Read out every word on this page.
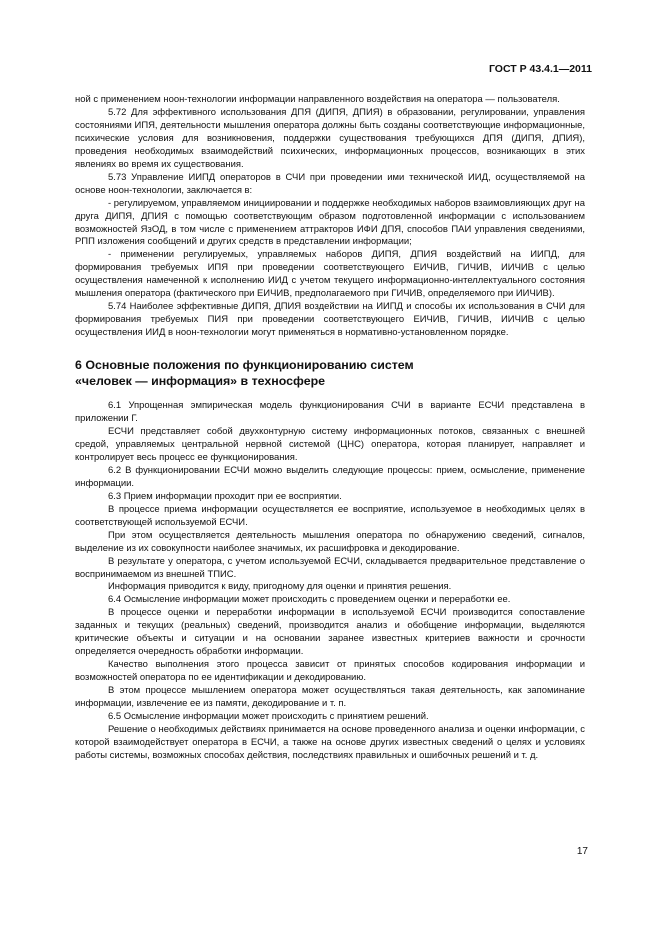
ГОСТ Р 43.4.1—2011

ной с применением ноон-технологии информации направленного воздействия на оператора — пользователя.

5.72 Для эффективного использования ДПЯ (ДИПЯ, ДПИЯ) в образовании, регулировании, управления состояниями ИПЯ, деятельности мышления оператора должны быть созданы соответствующие информационные, психические условия для возникновения, поддержки существования требующихся ДПЯ (ДИПЯ, ДПИЯ), проведения необходимых взаимодействий психических, информационных процессов, возникающих в этих явлениях во время их существования.

5.73 Управление ИИПД операторов в СЧИ при проведении ими технической ИИД, осуществляемой на основе ноон-технологии, заключается в:

- регулируемом, управляемом инициировании и поддержке необходимых наборов взаимовлияющих друг на друга ДИПЯ, ДПИЯ с помощью соответствующим образом подготовленной информации с использованием возможностей ЯзОД, в том числе с применением аттракторов ИФИ ДПЯ, способов ПАИ управления сведениями, РПП изложения сообщений и других средств в представлении информации;

- применении регулируемых, управляемых наборов ДИПЯ, ДПИЯ воздействий на ИИПД, для формирования требуемых ИПЯ при проведении соответствующего ЕИЧИВ, ГИЧИВ, ИИЧИВ с целью осуществления намеченной к исполнению ИИД с учетом текущего информационно-интеллектуального состояния мышления оператора (фактического при ЕИЧИВ, предполагаемого при ГИЧИВ, определяемого при ИИЧИВ).

5.74 Наиболее эффективные ДИПЯ, ДПИЯ воздействии на ИИПД и способы их использования в СЧИ для формирования требуемых ПИЯ при проведении соответствующего ЕИЧИВ, ГИЧИВ, ИИЧИВ с целью осуществления ИИД в ноон-технологии могут применяться в нормативно-установленном порядке.

6 Основные положения по функционированию систем
«человек — информация» в техносфере

6.1 Упрощенная эмпирическая модель функционирования СЧИ в варианте ЕСЧИ представлена в приложении Г.

ЕСЧИ представляет собой двухконтурную систему информационных потоков, связанных с внешней средой, управляемых центральной нервной системой (ЦНС) оператора, которая планирует, направляет и контролирует весь процесс ее функционирования.

6.2 В функционировании ЕСЧИ можно выделить следующие процессы: прием, осмысление, применение информации.

6.3 Прием информации проходит при ее восприятии.

В процессе приема информации осуществляется ее восприятие, используемое в необходимых целях в соответствующей используемой ЕСЧИ.

При этом осуществляется деятельность мышления оператора по обнаружению сведений, сигналов, выделение из их совокупности наиболее значимых, их расшифровка и декодирование.

В результате у оператора, с учетом используемой ЕСЧИ, складывается предварительное представление о воспринимаемом из внешней ТПИС.

Информация приводится к виду, пригодному для оценки и принятия решения.

6.4 Осмысление информации может происходить с проведением оценки и переработки ее.

В процессе оценки и переработки информации в используемой ЕСЧИ производится сопоставление заданных и текущих (реальных) сведений, производится анализ и обобщение информации, выделяются критические объекты и ситуации и на основании заранее известных критериев важности и срочности определяется очередность обработки информации.

Качество выполнения этого процесса зависит от принятых способов кодирования информации и возможностей оператора по ее идентификации и декодированию.

В этом процессе мышлением оператора может осуществляться такая деятельность, как запоминание информации, извлечение ее из памяти, декодирование и т. п.

6.5 Осмысление информации может происходить с принятием решений.

Решение о необходимых действиях принимается на основе проведенного анализа и оценки информации, с которой взаимодействует оператора в ЕСЧИ, а также на основе других известных сведений о целях и условиях работы системы, возможных способах действия, последствиях правильных и ошибочных решений и т. д.

17
